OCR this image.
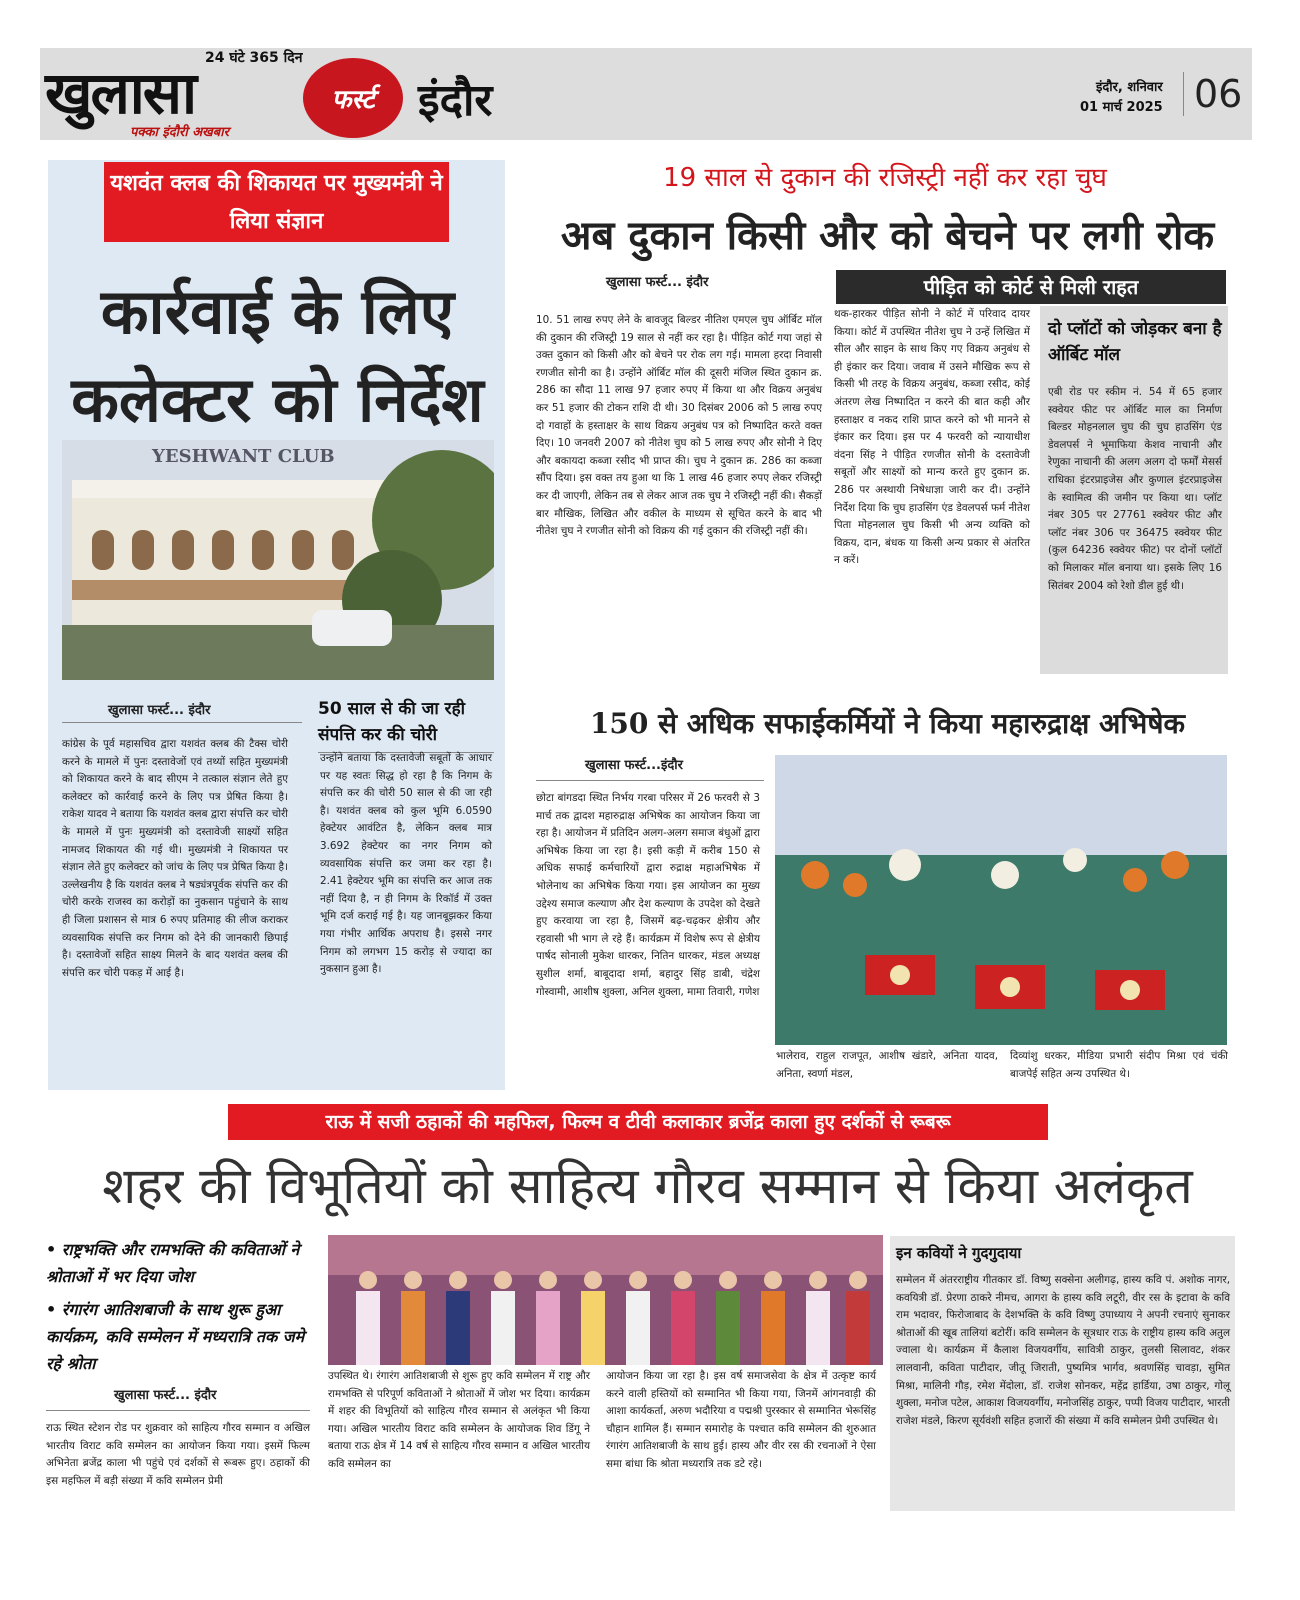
24 घंटे 365 दिन
खुलासा
पक्का इंदौरी अखबार
फर्स्ट इंदौर	इंदौर, शनिवार
01 मार्च 2025 06
यशवंत क्लब की शिकायत पर मुख्यमंत्री ने लिया संज्ञान
कार्रवाई के लिए
कलेक्टर को निर्देश
YESHWANT CLUB
खुलासा फर्स्ट... इंदौर
कांग्रेस के पूर्व महासचिव द्वारा यशवंत क्लब की टैक्स चोरी करने के मामले में पुनः दस्तावेजों एवं तथ्यों सहित मुख्यमंत्री को शिकायत करने के बाद सीएम ने तत्काल संज्ञान लेते हुए कलेक्टर को कार्रवाई करने के लिए पत्र प्रेषित किया है। राकेश यादव ने बताया कि यशवंत क्लब द्वारा संपत्ति कर चोरी के मामले में पुनः मुख्यमंत्री को दस्तावेजी साक्ष्यों सहित नामजद शिकायत की गई थी। मुख्यमंत्री ने शिकायत पर संज्ञान लेते हुए कलेक्टर को जांच के लिए पत्र प्रेषित किया है। उल्लेखनीय है कि यशवंत क्लब ने षड्यंत्रपूर्वक संपत्ति कर की चोरी करके राजस्व का करोड़ों का नुकसान पहुंचाने के साथ ही जिला प्रशासन से मात्र 6 रुपए प्रतिमाह की लीज कराकर व्यवसायिक संपत्ति कर निगम को देने की जानकारी छिपाई है। दस्तावेजों सहित साक्ष्य मिलने के बाद यशवंत क्लब की संपत्ति कर चोरी पकड़ में आई है।
50 साल से की जा रही संपत्ति कर की चोरी
उन्होंने बताया कि दस्तावेजी सबूतों के आधार पर यह स्वतः सिद्ध हो रहा है कि निगम के संपत्ति कर की चोरी 50 साल से की जा रही है। यशवंत क्लब को कुल भूमि 6.0590 हेक्टेयर आवंटित है, लेकिन क्लब मात्र 3.692 हेक्टेयर का नगर निगम को व्यवसायिक संपत्ति कर जमा कर रहा है। 2.41 हेक्टेयर भूमि का संपत्ति कर आज तक नहीं दिया है, न ही निगम के रिकॉर्ड में उक्त भूमि दर्ज कराई गई है। यह जानबूझकर किया गया गंभीर आर्थिक अपराध है। इससे नगर निगम को लगभग 15 करोड़ से ज्यादा का नुकसान हुआ है।
19 साल से दुकान की रजिस्ट्री नहीं कर रहा चुघ
अब दुकान किसी और को बेचने पर लगी रोक
खुलासा फर्स्ट... इंदौर	पीड़ित को कोर्ट से मिली राहत
10. 51 लाख रुपए लेने के बावजूद बिल्डर नीतिश एमएल चुघ ऑर्बिट मॉल की दुकान की रजिस्ट्री 19 साल से नहीं कर रहा है। पीड़ित कोर्ट गया जहां से उक्त दुकान को किसी और को बेचने पर रोक लग गई। मामला हरदा निवासी रणजीत सोनी का है। उन्होंने ऑर्बिट मॉल की दूसरी मंजिल स्थित दुकान क्र. 286 का सौदा 11 लाख 97 हजार रुपए में किया था और विक्रय अनुबंध कर 51 हजार की टोकन राशि दी थी। 30 दिसंबर 2006 को 5 लाख रुपए दो गवाहों के हस्ताक्षर के साथ विक्रय अनुबंध पत्र को निष्पादित करते वक्त दिए। 10 जनवरी 2007 को नीतेश चुघ को 5 लाख रुपए और सोनी ने दिए और बकायदा कब्जा रसीद भी प्राप्त की। चुघ ने दुकान क्र. 286 का कब्जा सौंप दिया। इस वक्त तय हुआ था कि 1 लाख 46 हजार रुपए लेकर रजिस्ट्री कर दी जाएगी, लेकिन तब से लेकर आज तक चुघ ने रजिस्ट्री नहीं की। सैकड़ों बार मौखिक, लिखित और वकील के माध्यम से सूचित करने के बाद भी नीतेश चुघ ने रणजीत सोनी को विक्रय की गई दुकान की रजिस्ट्री नहीं की।
थक-हारकर पीड़ित सोनी ने कोर्ट में परिवाद दायर किया। कोर्ट में उपस्थित नीतेश चुघ ने उन्हें लिखित में सील और साइन के साथ किए गए विक्रय अनुबंध से ही इंकार कर दिया। जवाब में उसने मौखिक रूप से किसी भी तरह के विक्रय अनुबंध, कब्जा रसीद, कोई अंतरण लेख निष्पादित न करने की बात कही और हस्ताक्षर व नकद राशि प्राप्त करने को भी मानने से इंकार कर दिया। इस पर 4 फरवरी को न्यायाधीश वंदना सिंह ने पीड़ित रणजीत सोनी के दस्तावेजी सबूतों और साक्ष्यों को मान्य करते हुए दुकान क्र. 286 पर अस्थायी निषेधाज्ञा जारी कर दी। उन्होंने निर्देश दिया कि चुघ हाउसिंग एंड डेवलपर्स फर्म नीतेश पिता मोहनलाल चुघ किसी भी अन्य व्यक्ति को विक्रय, दान, बंधक या किसी अन्य प्रकार से अंतरित न करें।
दो प्लॉटों को जोड़कर बना है ऑर्बिट मॉल
एबी रोड पर स्कीम नं. 54 में 65 हजार स्क्वेयर फीट पर ऑर्बिट माल का निर्माण बिल्डर मोहनलाल चुघ की चुघ हाउसिंग एंड डेवलपर्स ने भूमाफिया केशव नाचानी और रेणुका नाचानी की अलग अलग दो फर्मों मेसर्स राधिका इंटरप्राइजेस और कुणाल इंटरप्राइजेस के स्वामित्व की जमीन पर किया था। प्लॉट नंबर 305 पर 27761 स्क्वेयर फीट और प्लॉट नंबर 306 पर 36475 स्क्वेयर फीट (कुल 64236 स्क्वेयर फीट) पर दोनों प्लॉटों को मिलाकर मॉल बनाया था। इसके लिए 16 सितंबर 2004 को रेशो डील हुई थी।
150 से अधिक सफाईकर्मियों ने किया महारुद्राक्ष अभिषेक
खुलासा फर्स्ट...इंदौर
छोटा बांगडदा स्थित निर्भय गरबा परिसर में 26 फरवरी से 3 मार्च तक द्वादश महारुद्राक्ष अभिषेक का आयोजन किया जा रहा है। आयोजन में प्रतिदिन अलग-अलग समाज बंधुओं द्वारा अभिषेक किया जा रहा है। इसी कड़ी में करीब 150 से अधिक सफाई कर्मचारियों द्वारा रुद्राक्ष महाअभिषेक में भोलेनाथ का अभिषेक किया गया। इस आयोजन का मुख्य उद्देश्य समाज कल्याण और देश कल्याण के उपदेश को देखते हुए करवाया जा रहा है, जिसमें बढ़-चढ़कर क्षेत्रीय और रहवासी भी भाग ले रहे हैं। कार्यक्रम में विशेष रूप से क्षेत्रीय पार्षद सोनाली मुकेश धारकर, नितिन धारकर, मंडल अध्यक्ष सुशील शर्मा, बाबूदादा शर्मा, बहादुर सिंह डाबी, चंद्रेश गोस्वामी, आशीष शुक्ला, अनिल शुक्ला, मामा तिवारी, गणेश
भालेराव, राहुल राजपूत, आशीष खंडारे, अनिता यादव, अनिता, स्वर्णा मंडल,
दिव्यांशु धरकर, मीडिया प्रभारी संदीप मिश्रा एवं चंकी बाजपेई सहित अन्य उपस्थित थे।
राऊ में सजी ठहाकों की महफिल, फिल्म व टीवी कलाकार ब्रजेंद्र काला हुए दर्शकों से रूबरू
शहर की विभूतियों को साहित्य गौरव सम्मान से किया अलंकृत
• राष्ट्रभक्ति और रामभक्ति की कविताओं ने श्रोताओं में भर दिया जोश
• रंगारंग आतिशबाजी के साथ शुरू हुआ कार्यक्रम, कवि सम्मेलन में मध्यरात्रि तक जमे रहे श्रोता
खुलासा फर्स्ट... इंदौर
राऊ स्थित स्टेशन रोड पर शुक्रवार को साहित्य गौरव सम्मान व अखिल भारतीय विराट कवि सम्मेलन का आयोजन किया गया। इसमें फिल्म अभिनेता ब्रजेंद्र काला भी पहुंचे एवं दर्शकों से रूबरू हुए। ठहाकों की इस महफिल में बड़ी संख्या में कवि सम्मेलन प्रेमी
उपस्थित थे। रंगारंग आतिशबाजी से शुरू हुए कवि सम्मेलन में राष्ट्र और रामभक्ति से परिपूर्ण कविताओं ने श्रोताओं में जोश भर दिया। कार्यक्रम में शहर की विभूतियों को साहित्य गौरव सम्मान से अलंकृत भी किया गया। अखिल भारतीय विराट कवि सम्मेलन के आयोजक शिव डिंगू ने बताया राऊ क्षेत्र में 14 वर्ष से साहित्य गौरव सम्मान व अखिल भारतीय कवि सम्मेलन का
आयोजन किया जा रहा है। इस वर्ष समाजसेवा के क्षेत्र में उत्कृष्ट कार्य करने वाली हस्तियों को सम्मानित भी किया गया, जिनमें आंगनवाड़ी की आशा कार्यकर्ता, अरुण भदौरिया व पद्मश्री पुरस्कार से सम्मानित भेरूसिंह चौहान शामिल हैं। सम्मान समारोह के पश्चात कवि सम्मेलन की शुरुआत रंगारंग आतिशबाजी के साथ हुई। हास्य और वीर रस की रचनाओं ने ऐसा समा बांधा कि श्रोता मध्यरात्रि तक डटे रहे।
इन कवियों ने गुदगुदाया
सम्मेलन में अंतरराष्ट्रीय गीतकार डॉ. विष्णु सक्सेना अलीगढ़, हास्य कवि पं. अशोक नागर, कवयित्री डॉ. प्रेरणा ठाकरे नीमच, आगरा के हास्य कवि लटूरी, वीर रस के इटावा के कवि राम भदावर, फिरोजाबाद के देशभक्ति के कवि विष्णु उपाध्याय ने अपनी रचनाएं सुनाकर श्रोताओं की खूब तालियां बटोरीं। कवि सम्मेलन के सूत्रधार राऊ के राष्ट्रीय हास्य कवि अतुल ज्वाला थे। कार्यक्रम में कैलाश विजयवर्गीय, सावित्री ठाकुर, तुलसी सिलावट, शंकर लालवानी, कविता पाटीदार, जीतू जिराती, पुष्यमित्र भार्गव, श्रवणसिंह चावड़ा, सुमित मिश्रा, मालिनी गौड़, रमेश मेंदोला, डॉ. राजेश सोनकर, महेंद्र हार्डिया, उषा ठाकुर, गोलू शुक्ला, मनोज पटेल, आकाश विजयवर्गीय, मनोजसिंह ठाकुर, पप्पी विजय पाटीदार, भारती राजेश मंडले, किरण सूर्यवंशी सहित हजारों की संख्या में कवि सम्मेलन प्रेमी उपस्थित थे।
